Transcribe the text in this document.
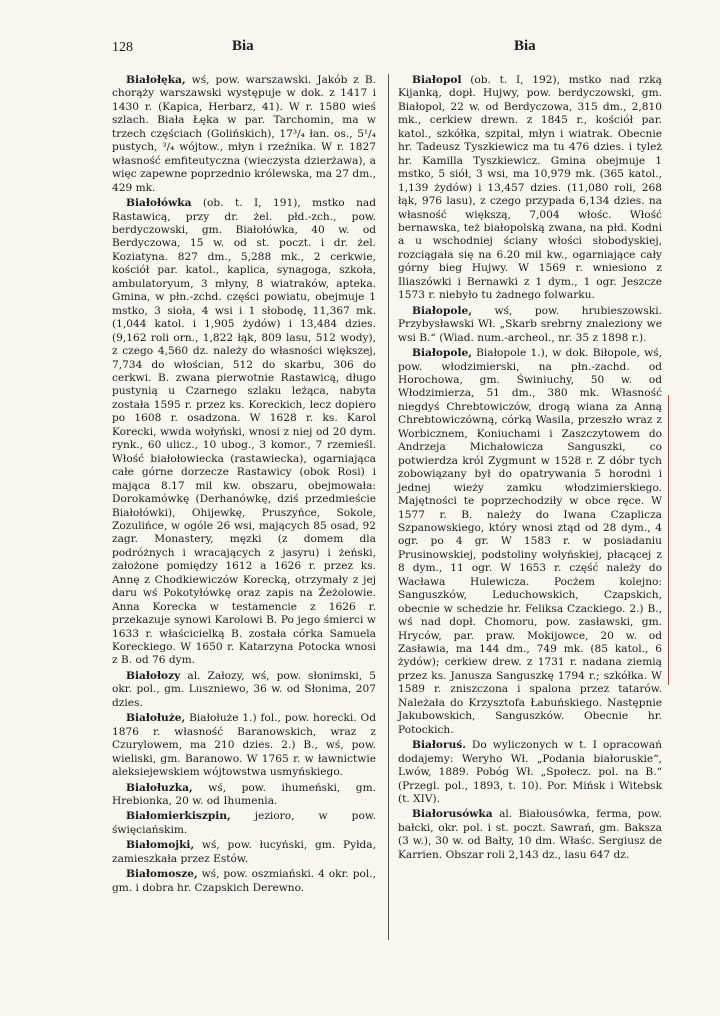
128	Bia	Bia

Białołęka, wś, pow. warszawski. Jakób z B. chorąży warszawski występuje w dok. z 1417 i 1430 r. (Kapica, Herbarz, 41). W r. 1580 wieś szlach. Biała Łęka w par. Tarchomin, ma w trzech częściach (Golińskich), 17³/₄ łan. os., 5¹/₄ pustych, ³/₄ wójtow., młyn i rzeźnika. W r. 1827 własność emfiteutyczna (wieczysta dzierżawa), a więc zapewne poprzednio królewska, ma 27 dm., 429 mk.

Białołówka (ob. t. I, 191), mstko nad Rastawicą, przy dr. żel. płd.-zch., pow. berdyczowski, gm. Białołówka, 40 w. od Berdyczowa, 15 w. od st. poczt. i dr. żel. Koziatyna. 827 dm., 5,288 mk., 2 cerkwie, kościół par. katol., kaplica, synagoga, szkoła, ambulatoryum, 3 młyny, 8 wiatraków, apteka. Gmina, w płn.-zchd. części powiatu, obejmuje 1 mstko, 3 sioła, 4 wsi i 1 słobodę, 11,367 mk. (1,044 katol. i 1,905 żydów) i 13,484 dzies. (9,162 roli orn., 1,822 łąk, 809 lasu, 512 wody), z czego 4,560 dz. należy do własności większej, 7,734 do włościan, 512 do skarbu, 306 do cerkwi. B. zwana pierwotnie Rastawicą, długo pustynią u Czarnego szlaku leżąca, nabyta została 1595 r. przez ks. Koreckich, lecz dopiero po 1608 r. osadzona. W 1628 r. ks. Karol Korecki, wwda wołyński, wnosi z niej od 20 dym. rynk., 60 ulicz., 10 ubog., 3 komor., 7 rzemieśl. Włość białołowiecka (rastawiecka), ogarniająca całe górne dorzecze Rastawicy (obok Rosi) i mająca 8.17 mil kw. obszaru, obejmowała: Dorokamówkę (Derhanówkę, dziś przedmieście Białołówki), Ohijewkę, Pruszyńce, Sokole, Zozulińce, w ogóle 26 wsi, mających 85 osad, 92 zagr. Monastery, męzki (z domem dla podróżnych i wracających z jasyru) i żeński, założone pomiędzy 1612 a 1626 r. przez ks. Annę z Chodkiewiczów Korecką, otrzymały z jej daru wś Pokotyłówkę oraz zapis na Żeżolowie. Anna Korecka w testamencie z 1626 r. przekazuje synowi Karolowi B. Po jego śmierci w 1633 r. właścicielką B. została córka Samuela Koreckiego. W 1650 r. Katarzyna Potocka wnosi z B. od 76 dym.

Białołozy al. Załozy, wś, pow. słonimski, 5 okr. pol., gm. Luszniewo, 36 w. od Słonima, 207 dzies.

Białołuże, Białołuże 1.) fol., pow. horecki. Od 1876 r. własność Baranowskich, wraz z Czurylowem, ma 210 dzies. 2.) B., wś, pow. wieliski, gm. Baranowo. W 1765 r. w ławnictwie aleksiejewskiem wójtowstwa usmyńskiego.

Białołuzka, wś, pow. ihumeński, gm. Hrebionka, 20 w. od Ihumenia.

Białomierkiszpin, jezioro, w pow. święciańskim.

Białomojki, wś, pow. łucyński, gm. Pyłda, zamieszkała przez Estów.

Białomosze, wś, pow. oszmiański. 4 okr. pol., gm. i dobra hr. Czapskich Derewno.

Białopol (ob. t. I, 192), mstko nad rzką Kijanką, dopł. Hujwy, pow. berdyczowski, gm. Białopol, 22 w. od Berdyczowa, 315 dm., 2,810 mk., cerkiew drewn. z 1845 r., kościół par. katol., szkółka, szpital, młyn i wiatrak. Obecnie hr. Tadeusz Tyszkiewicz ma tu 476 dzies. i tyleż hr. Kamilla Tyszkiewicz. Gmina obejmuje 1 mstko, 5 siół, 3 wsi, ma 10,979 mk. (365 katol., 1,139 żydów) i 13,457 dzies. (11,080 roli, 268 łąk, 976 lasu), z czego przypada 6,134 dzies. na własność większą, 7,004 włośc. Włość bernawska, też białopolską zwana, na płd. Kodni a u wschodniej ściany włości słobodyskiej, rozciągała się na 6.20 mil kw., ogarniające cały górny bieg Hujwy. W 1569 r. wniesiono z Iliaszówki i Bernawki z 1 dym., 1 ogr. Jeszcze 1573 r. niebyło tu żadnego folwarku.

Białopole, wś, pow. hrubieszowski. Przybysławski Wł. „Skarb srebrny znaleziony we wsi B.“ (Wiad. num.-archeol., nr. 35 z 1898 r.).

Białopole, Białopole 1.), w dok. Biłopole, wś, pow. włodzimierski, na płn.-zachd. od Horochowa, gm. Świniuchy, 50 w. od Włodzimierza, 51 dm., 380 mk. Własność niegdyś Chrebtowiczów, drogą wiana za Anną Chrebtowiczówną, córką Wasila, przeszło wraz z Worbicznem, Koniuchami i Zaszczytowem do Andrzeja Michałowicza Sanguszki, co potwierdza król Zygmunt w 1528 r. Z dóbr tych zobowiązany był do opatrywania 5 horodni i jednej wieży zamku włodzimierskiego. Majętności te poprzechodziły w obce ręce. W 1577 r. B. należy do Iwana Czaplicza Szpanowskiego, który wnosi ztąd od 28 dym., 4 ogr. po 4 gr. W 1583 r. w posiadaniu Prusinowskiej, podstoliny wołyńskiej, płacącej z 8 dym., 11 ogr. W 1653 r. część należy do Wacława Hulewicza. Pocżem kolejno: Sanguszków, Leduchowskich, Czapskich, obecnie w schedzie hr. Feliksa Czackiego. 2.) B., wś nad dopł. Chomoru, pow. zasławski, gm. Hryców, par. praw. Mokijowce, 20 w. od Zasławia, ma 144 dm., 749 mk. (85 katol., 6 żydów); cerkiew drew. z 1731 r. nadana ziemią przez ks. Janusza Sanguszkę 1794 r.; szkółka. W 1589 r. zniszczona i spalona przez tatarów. Należała do Krzysztofa Łabuńskiego. Następnie Jakubowskich, Sanguszków. Obecnie hr. Potockich.

Białoruś. Do wyliczonych w t. I opracowań dodajemy: Weryho Wł. „Podania białoruskie“, Lwów, 1889. Pobóg Wł. „Społecz. pol. na B.“ (Przegl. pol., 1893, t. 10). Por. Mińsk i Witebsk (t. XIV).

Białorusówka al. Białousówka, ferma, pow. bałcki, okr. pol. i st. poczt. Sawrań, gm. Bakszа (3 w.), 30 w. od Bałty, 10 dm. Właśc. Sergiusz de Karrien. Obszar roli 2,143 dz., lasu 647 dz.
